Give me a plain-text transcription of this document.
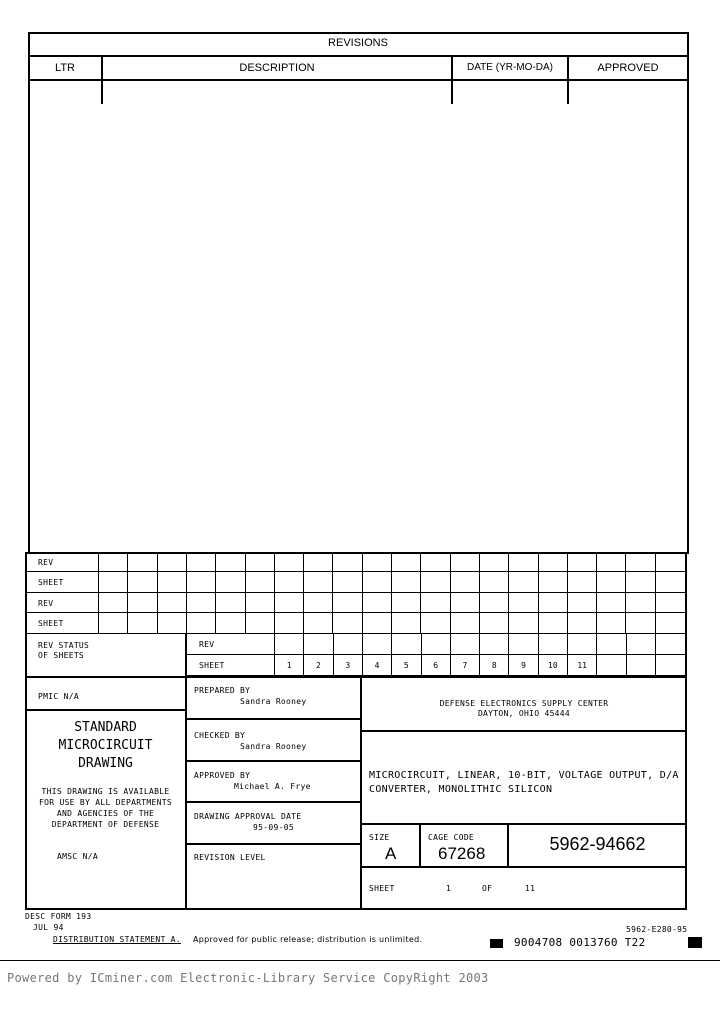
REVISIONS
LTR	DESCRIPTION	DATE (YR-MO-DA)	APPROVED
REV
SHEET
REV
SHEET
REV
SHEET	1	2	3	4	5	6	7	8	9	10	11
REV STATUS
OF SHEETS
PMIC N/A
STANDARD
MICROCIRCUIT
DRAWING
THIS DRAWING IS AVAILABLE
FOR USE BY ALL DEPARTMENTS
AND AGENCIES OF THE
DEPARTMENT OF DEFENSE
AMSC N/A
PREPARED BY
Sandra Rooney
CHECKED BY
Sandra Rooney
APPROVED BY
Michael A. Frye
DRAWING APPROVAL DATE
95-09-05
REVISION LEVEL
DEFENSE ELECTRONICS SUPPLY CENTER
DAYTON, OHIO 45444
MICROCIRCUIT, LINEAR, 10-BIT, VOLTAGE OUTPUT, D/A
CONVERTER, MONOLITHIC SILICON
SIZE
A
CAGE CODE
67268	5962-94662
SHEET	1	OF	11
DESC FORM 193
JUL 94	5962-E280-95
DISTRIBUTION STATEMENT A. Approved for public release; distribution is unlimited.	9004708 0013760 T22
Powered by ICminer.com Electronic-Library Service CopyRight 2003
